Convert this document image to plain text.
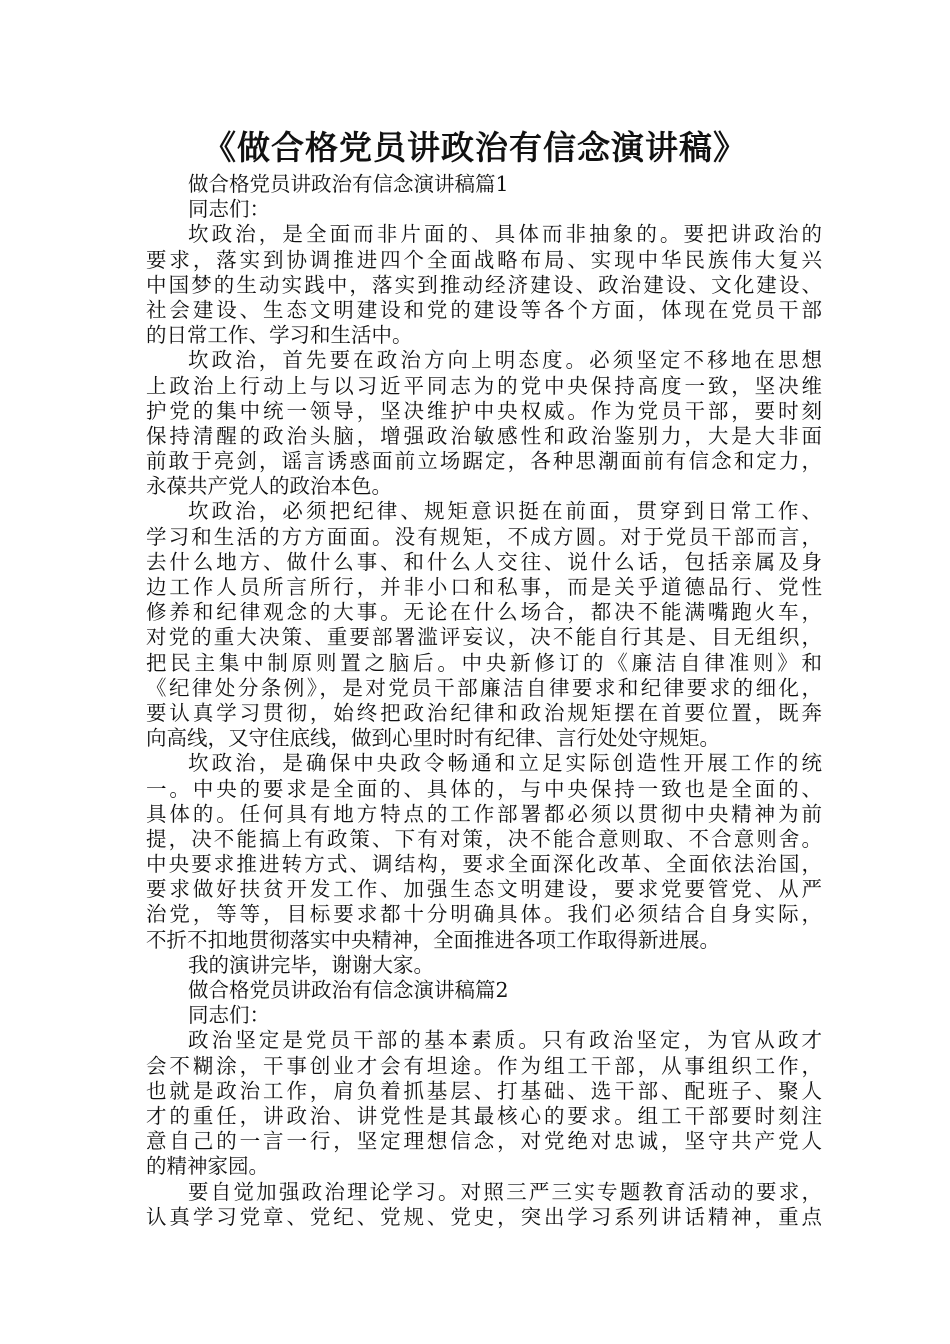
《做合格党员讲政治有信念演讲稿》
做合格党员讲政治有信念演讲稿篇1
同志们：
坎政治，是全面而非片面的、具体而非抽象的。要把讲政治的
要求，落实到协调推进四个全面战略布局、实现中华民族伟大复兴
中国梦的生动实践中，落实到推动经济建设、政治建设、文化建设、
社会建设、生态文明建设和党的建设等各个方面，体现在党员干部
的日常工作、学习和生活中。
坎政治，首先要在政治方向上明态度。必须坚定不移地在思想
上政治上行动上与以习近平同志为的党中央保持高度一致，坚决维
护党的集中统一领导，坚决维护中央权威。作为党员干部，要时刻
保持清醒的政治头脑，增强政治敏感性和政治鉴别力，大是大非面
前敢于亮剑，谣言诱惑面前立场踞定，各种思潮面前有信念和定力，
永葆共产党人的政治本色。
坎政治，必须把纪律、规矩意识挺在前面，贯穿到日常工作、
学习和生活的方方面面。没有规矩，不成方圆。对于党员干部而言，
去什么地方、做什么事、和什么人交往、说什么话，包括亲属及身
边工作人员所言所行，并非小口和私事，而是关乎道德品行、党性
修养和纪律观念的大事。无论在什么场合，都决不能满嘴跑火车，
对党的重大决策、重要部署滥评妄议，决不能自行其是、目无组织，
把民主集中制原则置之脑后。中央新修订的《廉洁自律准则》和
《纪律处分条例》，是对党员干部廉洁自律要求和纪律要求的细化，
要认真学习贯彻，始终把政治纪律和政治规矩摆在首要位置，既奔
向高线，又守住底线，做到心里时时有纪律、言行处处守规矩。
坎政治，是确保中央政令畅通和立足实际创造性开展工作的统
一。中央的要求是全面的、具体的，与中央保持一致也是全面的、
具体的。任何具有地方特点的工作部署都必须以贯彻中央精神为前
提，决不能搞上有政策、下有对策，决不能合意则取、不合意则舍。
中央要求推进转方式、调结构，要求全面深化改革、全面依法治国，
要求做好扶贫开发工作、加强生态文明建设，要求党要管党、从严
治党，等等，目标要求都十分明确具体。我们必须结合自身实际，
不折不扣地贯彻落实中央精神，全面推进各项工作取得新进展。
我的演讲完毕，谢谢大家。
做合格党员讲政治有信念演讲稿篇2
同志们：
政治坚定是党员干部的基本素质。只有政治坚定，为官从政才
会不糊涂，干事创业才会有坦途。作为组工干部，从事组织工作，
也就是政治工作，肩负着抓基层、打基础、选干部、配班子、聚人
才的重任，讲政治、讲党性是其最核心的要求。组工干部要时刻注
意自己的一言一行，坚定理想信念，对党绝对忠诚，坚守共产党人
的精神家园。
要自觉加强政治理论学习。对照三严三实专题教育活动的要求，
认真学习党章、党纪、党规、党史，突出学习系列讲话精神，重点
